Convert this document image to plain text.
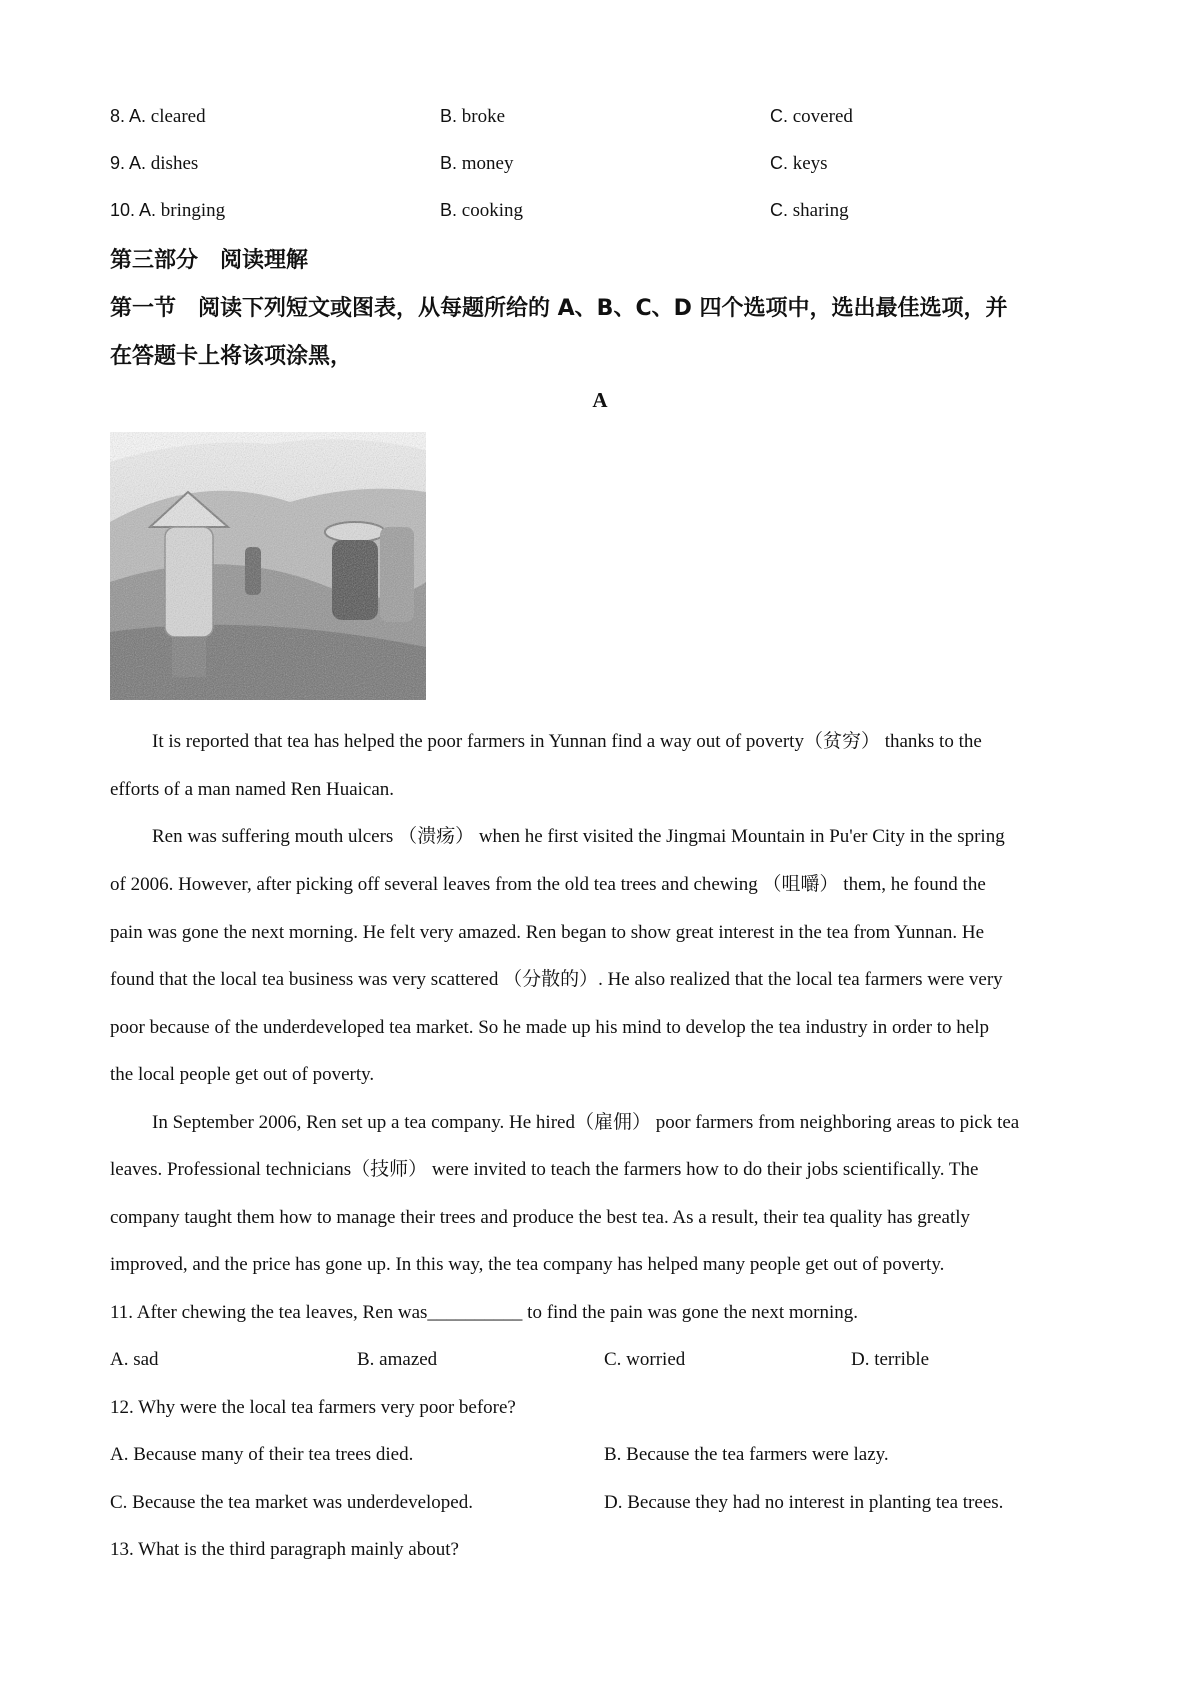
8. A. cleared	B. broke	C. covered
9. A. dishes	B. money	C. keys
10. A. bringing	B. cooking	C. sharing
第三部分　阅读理解
第一节　阅读下列短文或图表，从每题所给的 A、B、C、D 四个选项中，选出最佳选项，并
在答题卡上将该项涂黑，
A
It is reported that tea has helped the poor farmers in Yunnan find a way out of poverty（贫穷） thanks to the
efforts of a man named Ren Huaican.
Ren was suffering mouth ulcers （溃疡） when he first visited the Jingmai Mountain in Pu'er City in the spring
of 2006. However, after picking off several leaves from the old tea trees and chewing （咀嚼） them, he found the
pain was gone the next morning. He felt very amazed. Ren began to show great interest in the tea from Yunnan. He
found that the local tea business was very scattered （分散的）. He also realized that the local tea farmers were very
poor because of the underdeveloped tea market. So he made up his mind to develop the tea industry in order to help
the local people get out of poverty.
In September 2006, Ren set up a tea company. He hired（雇佣） poor farmers from neighboring areas to pick tea
leaves. Professional technicians（技师） were invited to teach the farmers how to do their jobs scientifically. The
company taught them how to manage their trees and produce the best tea. As a result, their tea quality has greatly
improved, and the price has gone up. In this way, the tea company has helped many people get out of poverty.
11. After chewing the tea leaves, Ren was__________ to find the pain was gone the next morning.
A. sad	B. amazed	C. worried	D. terrible
12. Why were the local tea farmers very poor before?
A. Because many of their tea trees died.	B. Because the tea farmers were lazy.
C. Because the tea market was underdeveloped.	D. Because they had no interest in planting tea trees.
13. What is the third paragraph mainly about?
